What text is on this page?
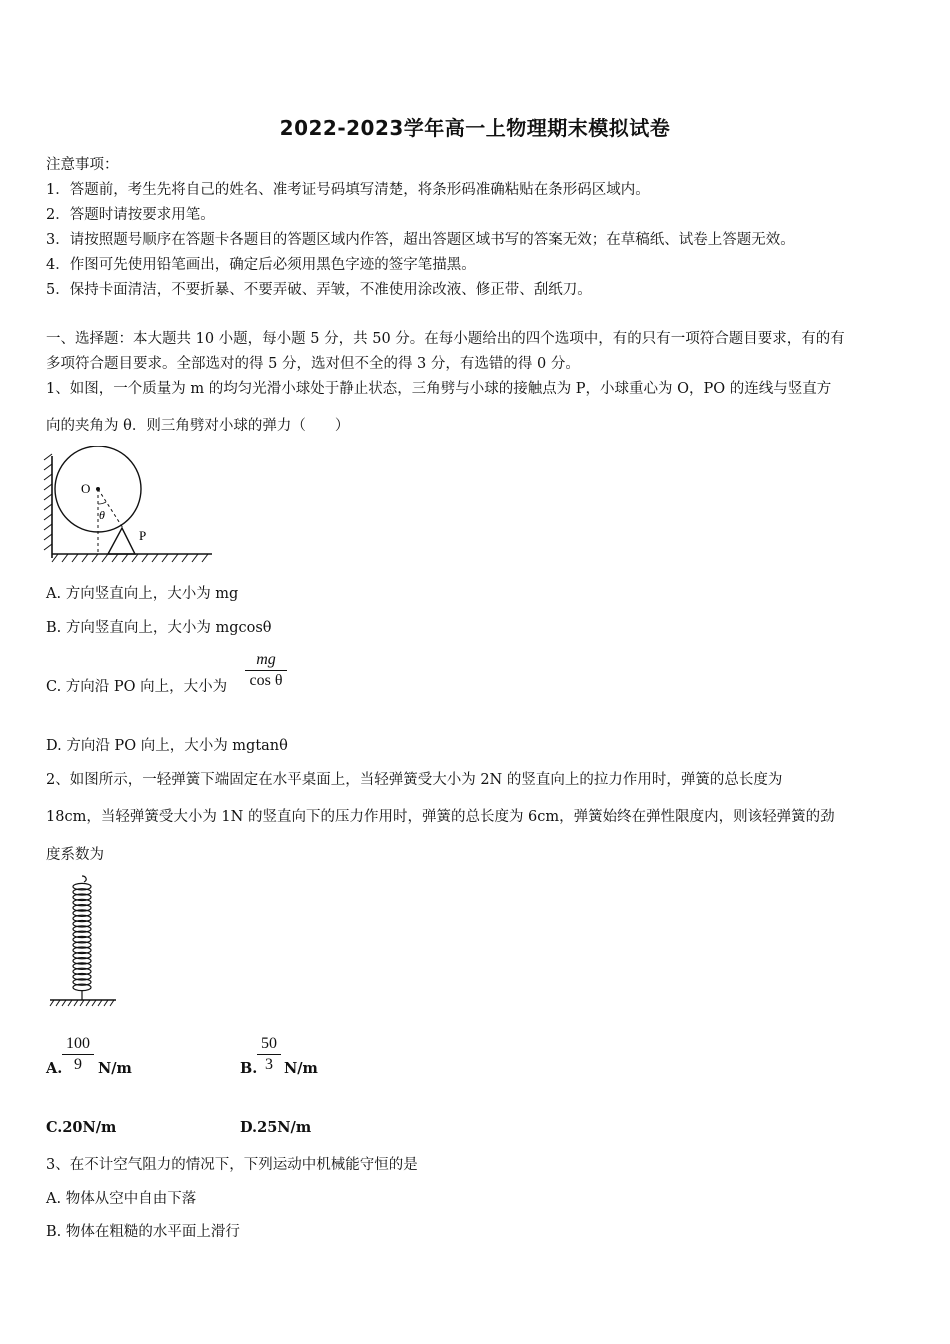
2022-2023学年高一上物理期末模拟试卷
注意事项：
1．答题前，考生先将自己的姓名、准考证号码填写清楚，将条形码准确粘贴在条形码区域内。
2．答题时请按要求用笔。
3．请按照题号顺序在答题卡各题目的答题区域内作答，超出答题区域书写的答案无效；在草稿纸、试卷上答题无效。
4．作图可先使用铅笔画出，确定后必须用黑色字迹的签字笔描黑。
5．保持卡面清洁，不要折暴、不要弄破、弄皱，不准使用涂改液、修正带、刮纸刀。
一、选择题：本大题共 10 小题，每小题 5 分，共 50 分。在每小题给出的四个选项中，有的只有一项符合题目要求，有的有
多项符合题目要求。全部选对的得 5 分，选对但不全的得 3 分，有选错的得 0 分。
1、如图，一个质量为 m 的均匀光滑小球处于静止状态，三角劈与小球的接触点为 P，小球重心为 O，PO 的连线与竖直方
向的夹角为 θ．则三角劈对小球的弹力（　　）
O
θ
P
A. 方向竖直向上，大小为 mg
B. 方向竖直向上，大小为 mgcosθ
C. 方向沿 PO 向上，大小为 $\frac{mg}{\text{cos θ}}$
D. 方向沿 PO 向上，大小为 mgtanθ
2、如图所示，一轻弹簧下端固定在水平桌面上，当轻弹簧受大小为 2N 的竖直向上的拉力作用时，弹簧的总长度为
18cm，当轻弹簧受大小为 1N 的竖直向下的压力作用时，弹簧的总长度为 6cm，弹簧始终在弹性限度内，则该轻弹簧的劲
度系数为
A. $\frac{100}{9} N/m$	B. $\frac{50}{3} N/m$
C.20N/m	D.25N/m
3、在不计空气阻力的情况下，下列运动中机械能守恒的是
A. 物体从空中自由下落
B. 物体在粗糙的水平面上滑行
